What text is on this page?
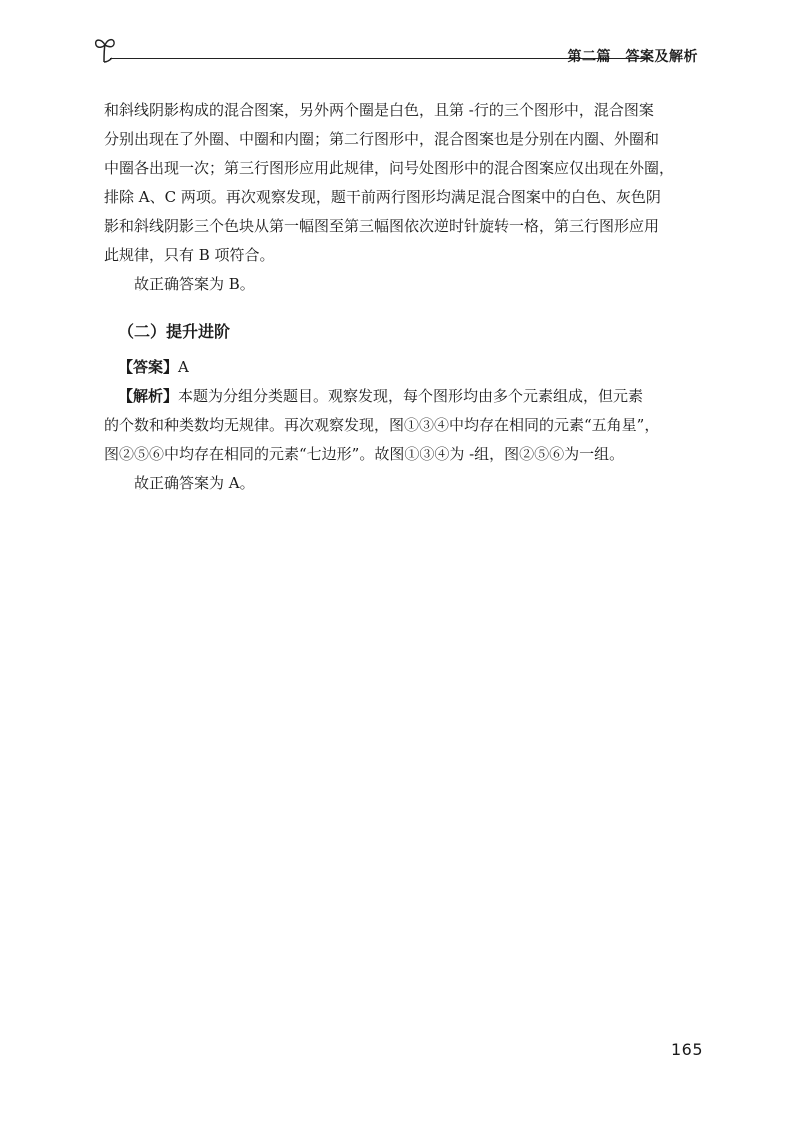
第二篇　答案及解析

和斜线阴影构成的混合图案，另外两个圈是白色，且第 -行的三个图形中，混合图案
分别出现在了外圈、中圈和内圈；第二行图形中，混合图案也是分别在内圈、外圈和
中圈各出现一次；第三行图形应用此规律，问号处图形中的混合图案应仅出现在外圈，
排除 A、C 两项。再次观察发现，题干前两行图形均满足混合图案中的白色、灰色阴
影和斜线阴影三个色块从第一幅图至第三幅图依次逆时针旋转一格，第三行图形应用
此规律，只有 B 项符合。

故正确答案为 B。

（二）提升进阶

【答案】A

【解析】本题为分组分类题目。观察发现，每个图形均由多个元素组成，但元素
的个数和种类数均无规律。再次观察发现，图①③④中均存在相同的元素“五角星”，
图②⑤⑥中均存在相同的元素“七边形”。故图①③④为 -组，图②⑤⑥为一组。

故正确答案为 A。

165
